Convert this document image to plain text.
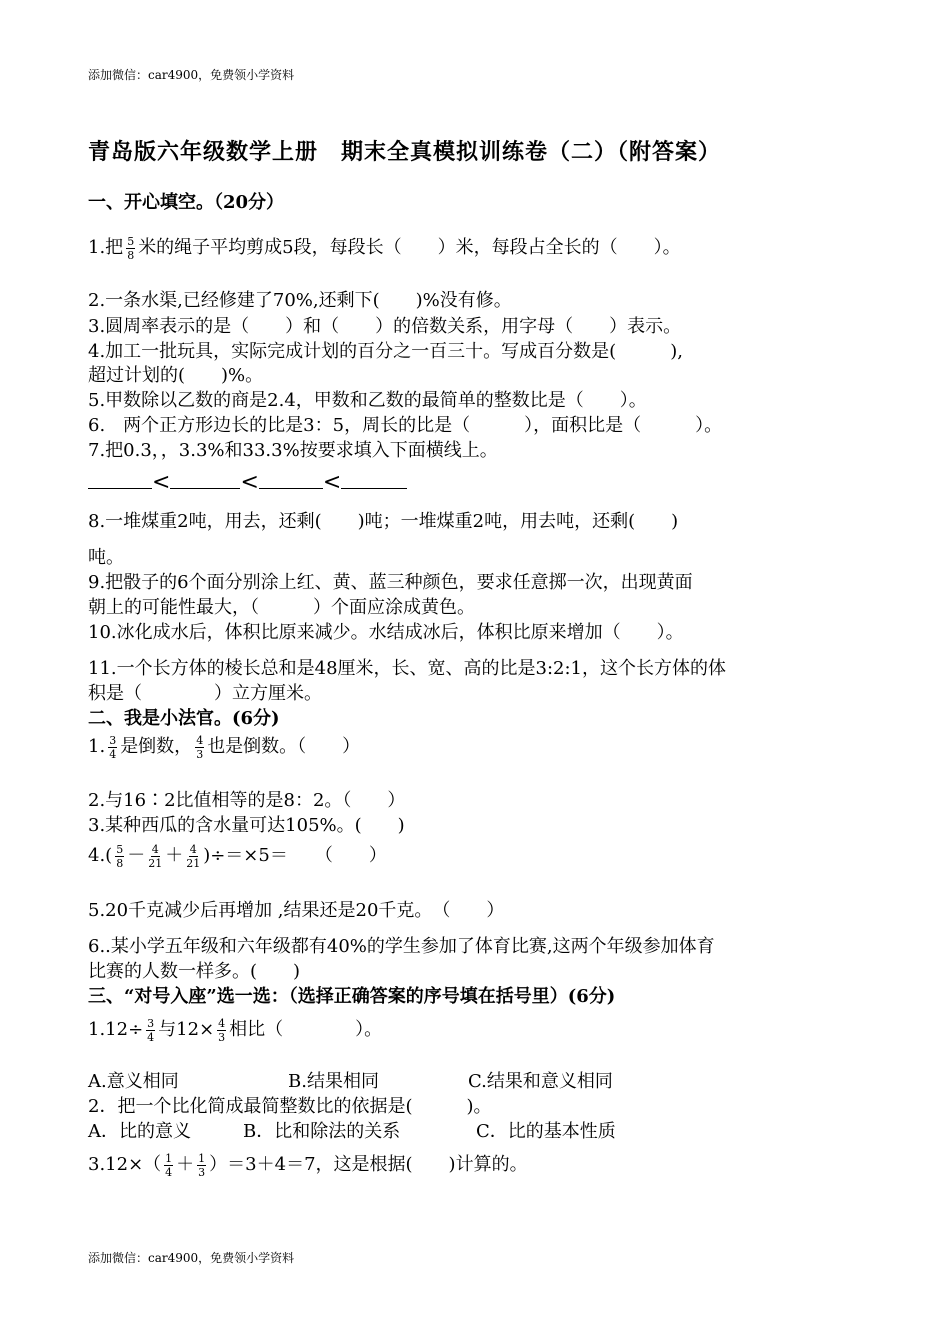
添加微信：car4900，免费领小学资料
青岛版六年级数学上册　期末全真模拟训练卷（二）（附答案）
一、开心填空。（20分）
1.把 $\frac{5}{8}$ 米的绳子平均剪成5段，每段长（　　）米，每段占全长的（　　）。
2.一条水渠,已经修建了70%,还剩下(　　)%没有修。
3.圆周率表示的是（　　）和（　　）的倍数关系，用字母（　　）表示。
4.加工一批玩具，实际完成计划的百分之一百三十。写成百分数是(　　　),
超过计划的(　　)%。
5.甲数除以乙数的商是2.4，甲数和乙数的最简单的整数比是（　　）。
6.　两个正方形边长的比是3：5，周长的比是（　　　），面积比是（　　　）。
7.把0.3，，3.3%和33.3%按要求填入下面横线上。
<	<	<
8.一堆煤重2吨，用去，还剩(　　)吨；一堆煤重2吨，用去吨，还剩(　　)
吨。
9.把骰子的6个面分别涂上红、黄、蓝三种颜色，要求任意掷一次，出现黄面
朝上的可能性最大，（　　　）个面应涂成黄色。
10.冰化成水后，体积比原来减少。水结成冰后，体积比原来增加（　　）。
11.一个长方体的棱长总和是48厘米，长、宽、高的比是3:2:1，这个长方体的体
积是（　　　　）立方厘米。
二、我是小法官。(6分)
1. $\frac{3}{4}$ 是倒数， $\frac{4}{3}$ 也是倒数。（　　）
2.与16∶2比值相等的是8：2。（　　）
3.某种西瓜的含水量可达105%。(　　)
$4.( \frac{5}{8} - \frac{4}{21} + \frac{4}{21} )\div=\times 5=$　　（　　）
5.20千克减少后再增加 ,结果还是20千克。　（　　）
6..某小学五年级和六年级都有40%的学生参加了体育比赛,这两个年级参加体育
比赛的人数一样多。(　　)
三、“对号入座”选一选：（选择正确答案的序号填在括号里）(6分)
$1.12\div \frac{3}{4}$ 与$12\times \frac{4}{3}$ 相比（　　　　）。
A.意义相同	B.结果相同	C.结果和意义相同
2．把一个比化简成最简整数比的依据是(　　　)。
A．比的意义	B．比和除法的关系	C．比的基本性质
$3.12\times( \frac{1}{4} + \frac{1}{3} )=3+4=7$，这是根据(　　)计算的。
添加微信：car4900，免费领小学资料
